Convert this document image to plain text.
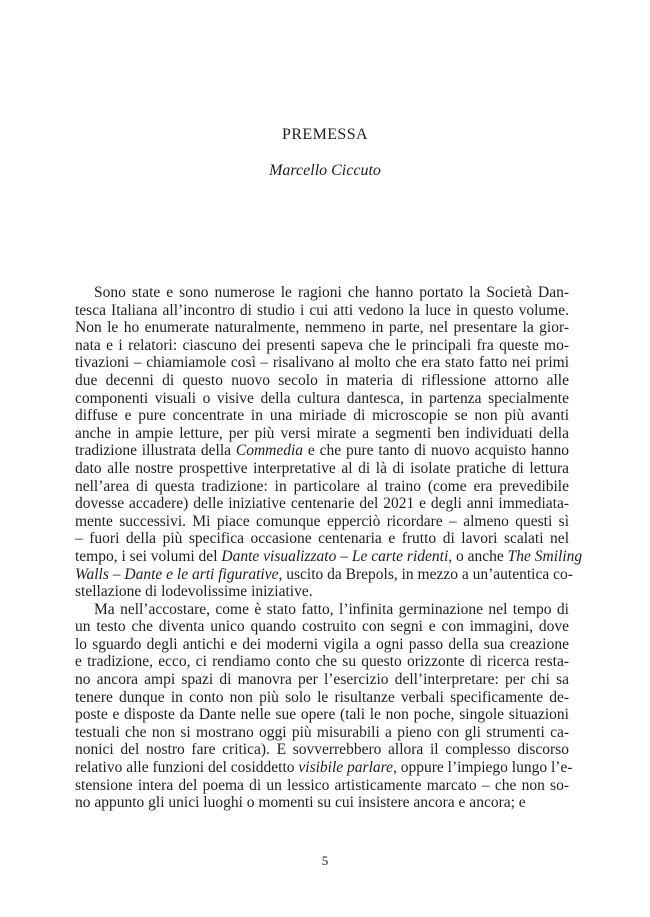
PREMESSA
Marcello Ciccuto
Sono state e sono numerose le ragioni che hanno portato la Società Dan-
tesca Italiana all’incontro di studio i cui atti vedono la luce in questo volume.
Non le ho enumerate naturalmente, nemmeno in parte, nel presentare la gior-
nata e i relatori: ciascuno dei presenti sapeva che le principali fra queste mo-
tivazioni – chiamiamole così – risalivano al molto che era stato fatto nei primi
due decenni di questo nuovo secolo in materia di riflessione attorno alle
componenti visuali o visive della cultura dantesca, in partenza specialmente
diffuse e pure concentrate in una miriade di microscopie se non più avanti
anche in ampie letture, per più versi mirate a segmenti ben individuati della
tradizione illustrata della Commedia e che pure tanto di nuovo acquisto hanno
dato alle nostre prospettive interpretative al di là di isolate pratiche di lettura
nell’area di questa tradizione: in particolare al traino (come era prevedibile
dovesse accadere) delle iniziative centenarie del 2021 e degli anni immediata-
mente successivi. Mi piace comunque epperciò ricordare – almeno questi sì
– fuori della più specifica occasione centenaria e frutto di lavori scalati nel
tempo, i sei volumi del Dante visualizzato – Le carte ridenti, o anche The Smiling
Walls – Dante e le arti figurative, uscito da Brepols, in mezzo a un’autentica co-
stellazione di lodevolissime iniziative.
Ma nell’accostare, come è stato fatto, l’infinita germinazione nel tempo di
un testo che diventa unico quando costruito con segni e con immagini, dove
lo sguardo degli antichi e dei moderni vigila a ogni passo della sua creazione
e tradizione, ecco, ci rendiamo conto che su questo orizzonte di ricerca resta-
no ancora ampi spazi di manovra per l’esercizio dell’interpretare: per chi sa
tenere dunque in conto non più solo le risultanze verbali specificamente de-
poste e disposte da Dante nelle sue opere (tali le non poche, singole situazioni
testuali che non si mostrano oggi più misurabili a pieno con gli strumenti ca-
nonici del nostro fare critica). E sovverrebbero allora il complesso discorso
relativo alle funzioni del cosiddetto visibile parlare, oppure l’impiego lungo l’e-
stensione intera del poema di un lessico artisticamente marcato – che non so-
no appunto gli unici luoghi o momenti su cui insistere ancora e ancora; e
5
